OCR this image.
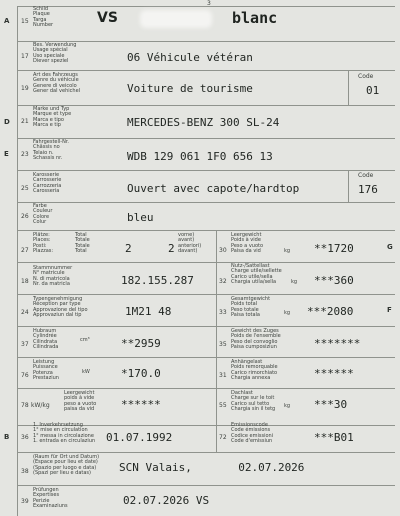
3
A 15
Schild
Plaque
Targa
Number	VS	blanc
17
Bes. Verwendung
Usage spécial
Uso speciale
Diever speziel	06 Véhicule vétéran
19
Art des Fahrzeugs
Genre du véhicule
Genere di veicolo
Gener dal vehichel	Voiture de tourisme
Code
01
D 21
Marke und Typ
Marque et type
Marca e tipo
Marca e tip	MERCEDES-BENZ 300 SL-24
E 23
Fahrgestell-Nr.
Châssis no
Telaio n.
Schassis nr.	WDB 129 061 1F0 656 13
25
Karosserie
Carrosserie
Carrozzeria
Carosseria	Ouvert avec capote/hardtop
Code
176
26
Farbe
Couleur
Colore
Colur	bleu
27
Plätze:
Places:
Posti:
Plazzas:
Total
Totale
Totale
Total	2	2
vorne)
avant)
anteriori)
davant)	30
Leergewicht
Poids à vide
Peso a vuoto
Paisa da vid	kg **1720	G
18
Stammnummer
N° matricule
N. di matricola
Nr. da matricla	182.155.287	32
Nutz-/Sattellast
Charge utile/sellette
Carico utile/sella
Chargia utila/sella	kg ***360
24
Typengenehmigung
Réception par type
Approvazione del tipo
Approvaziun dal tip	1M21 48	33
Gesamtgewicht
Poids total
Peso totale
Paisa totala	kg ***2080	F
37
Hubraum
Cylindrée
Cilindrata
Cilindrada
cm³	**2959	35
Gewicht des Zuges
Poids de l'ensemble
Peso del convoglio
Paisa cumposiziun	*******
76
Leistung
Puissance
Potenza
Prestaziun
kW	*170.0	31
Anhängelast
Poids remorquable
Carico rimorchiato
Chargia annexa	******
78 kW/kg
Leergewicht
poids à vide
peso a vuoto
paisa da vid ******	55
Dachlast
Charge sur le toit
Carico sul tetto
Chargia sin il tetg
kg ***30
B 36
1. Inverkehrsetzung
1° mise en circulation
1° messa in circolazione
1. entrada en circulaziun 01.07.1992	72
Emissionscode
Code émissions
Codice emissioni
Code d'emissiun	***B01
38
(Raum für Ort und Datum)
(Espace pour lieu et date)
(Spazio per luogo e data)
(Spazi per lieu e datas)	SCN Valais,       02.07.2026
39
Prüfungen
Expertises
Perizie
Examinaziuns	02.07.2026 VS
